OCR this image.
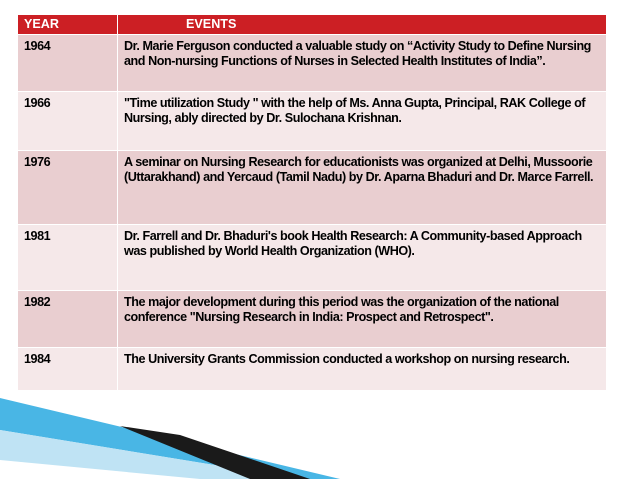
YEAR	EVENTS
1964	Dr. Marie Ferguson conducted a valuable study on “Activity Study to Define Nursing and Non-nursing Functions of Nurses in Selected Health Institutes of India”.
1966	"Time utilization Study " with the help of Ms. Anna Gupta, Principal, RAK College of Nursing, ably directed by Dr. Sulochana Krishnan.
1976	A seminar on Nursing Research for educationists was organized at Delhi, Mussoorie (Uttarakhand) and Yercaud (Tamil Nadu) by Dr. Aparna Bhaduri and Dr. Marce Farrell.
1981	Dr. Farrell and Dr. Bhaduri's book Health Research: A Community-based Approach was published by World Health Organization (WHO).
1982	The major development during this period was the organization of the national conference "Nursing Research in India: Prospect and Retrospect".
1984	The University Grants Commission conducted a workshop on nursing research.
